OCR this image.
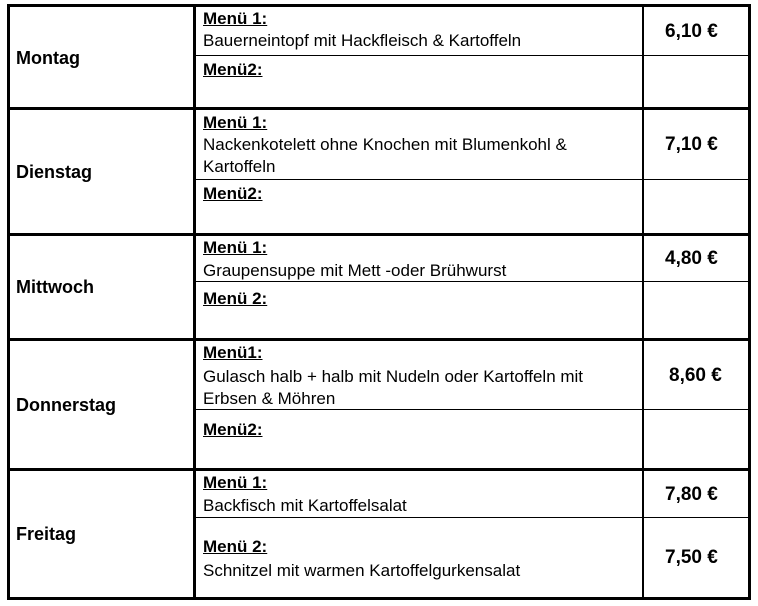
Montag
Menü 1:
Bauerneintopf mit Hackfleisch & Kartoffeln	6,10 €
Menü2:
Dienstag
Menü 1:
Nackenkotelett ohne Knochen mit Blumenkohl & Kartoffeln
7,10 €
Menü2:
Mittwoch
Menü 1:
Graupensuppe mit Mett -oder Brühwurst
4,80 €
Menü 2:
Donnerstag
Menü1:
Gulasch halb + halb mit Nudeln oder Kartoffeln mit Erbsen & Möhren
8,60 €
Menü2:
Freitag
Menü 1:
Backfisch mit Kartoffelsalat
7,80 €
Menü 2:
Schnitzel mit warmen Kartoffelgurkensalat
7,50 €
